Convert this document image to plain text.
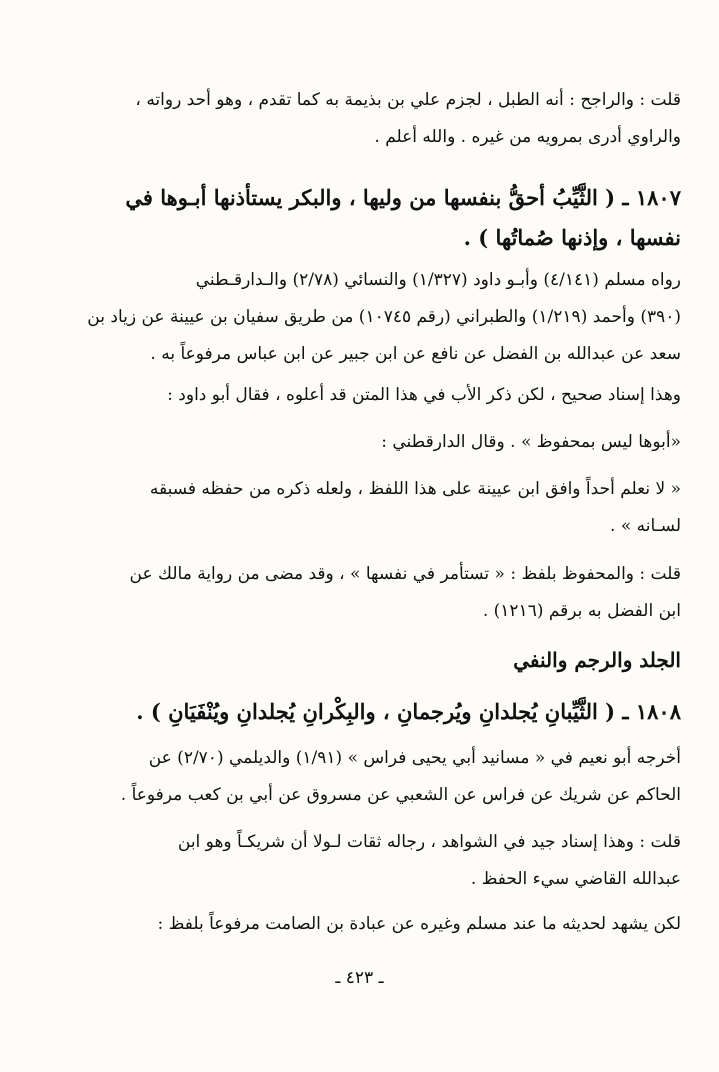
قلت : والراجح : أنه الطبل ، لجزم علي بن بذيمة به كما تقدم ، وهو أحد رواته ،
والراوي أدرى بمرويه من غيره . والله أعلم .

١٨٠٧ ـ ( الثَّيِّبُ أحقُّ بنفسها من وليها ، والبكر يستأذنها أبـوها في
نفسها ، وإذنها صُماتُها ) .

رواه مسلم (٤/١٤١) وأبـو داود (١/٣٢٧) والنسائي (٢/٧٨) والـدارقـطني
(٣٩٠) وأحمد (١/٢١٩) والطبراني (رقم ١٠٧٤٥) من طريق سفيان بن عيينة عن زياد بن
سعد عن عبدالله بن الفضل عن نافع عن ابن جبير عن ابن عباس مرفوعاً به .

وهذا إسناد صحيح ، لكن ذكر الأب في هذا المتن قد أعلوه ، فقال أبو داود :

«أبوها ليس بمحفوظ » . وقال الدارقطني :

« لا نعلم أحداً وافق ابن عيينة على هذا اللفظ ، ولعله ذكره من حفظه فسبقه
لسـانه » .

قلت : والمحفوظ بلفظ : « تستأمر في نفسها » ، وقد مضى من رواية مالك عن
ابن الفضل به برقم (١٢١٦) .

الجلد والرجم والنفي

١٨٠٨ ـ ( الثَّيِّبانِ يُجلدانِ ويُرجمانِ ، والبِكْرانِ يُجلدانِ ويُنْفَيَانِ ) .

أخرجه أبو نعيم في « مسانيد أبي يحيى فراس » (١/٩١) والديلمي (٢/٧٠) عن
الحاكم عن شريك عن فراس عن الشعبي عن مسروق عن أبي بن كعب مرفوعاً .

قلت : وهذا إسناد جيد في الشواهد ، رجاله ثقات لـولا أن شريكـاً وهو ابن
عبدالله القاضي سيء الحفظ .

لكن يشهد لحديثه ما عند مسلم وغيره عن عبادة بن الصامت مرفوعاً بلفظ :

ـ ٤٢٣ ـ
